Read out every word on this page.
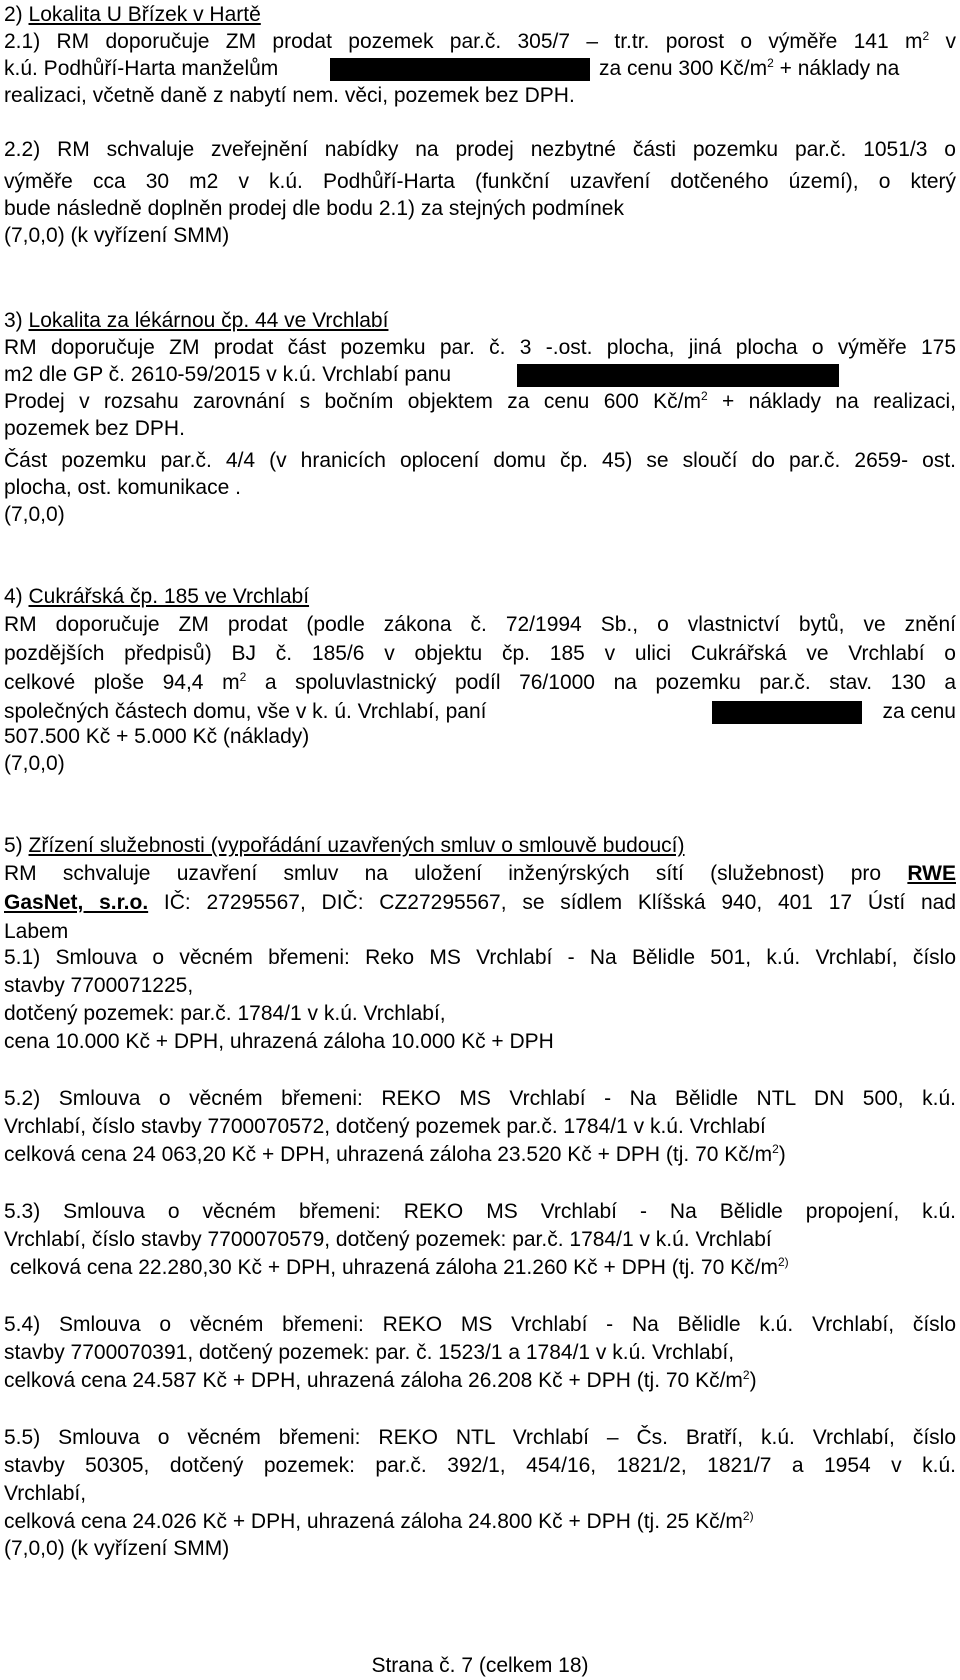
2) Lokalita U Břízek v Hartě
2.1) RM doporučuje ZM prodat pozemek par.č. 305/7 – tr.tr. porost o výměře 141 $m^2$ v
k.ú. Podhůří-Harta manželům	za cenu 300 $Kč/m^2$ + náklady na
realizaci, včetně daně z nabytí nem. věci, pozemek bez DPH.
2.2) RM schvaluje zveřejnění nabídky na prodej nezbytné části pozemku par.č. 1051/3 o
výměře cca 30 m2 v k.ú. Podhůří-Harta (funkční uzavření dotčeného území), o který
bude následně doplněn prodej dle bodu 2.1) za stejných podmínek
(7,0,0) (k vyřízení SMM)
3) Lokalita za lékárnou čp. 44 ve Vrchlabí
RM doporučuje ZM prodat část pozemku par. č. 3 -.ost. plocha, jiná plocha o výměře 175
m2 dle GP č. 2610-59/2015 v k.ú. Vrchlabí panu
Prodej v rozsahu zarovnání s bočním objektem za cenu 600 $Kč/m^2$ + náklady na realizaci,
pozemek bez DPH.
Část pozemku par.č. 4/4 (v hranicích oplocení domu čp. 45) se sloučí do par.č. 2659- ost.
plocha, ost. komunikace .
(7,0,0)
4) Cukrářská čp. 185 ve Vrchlabí
RM doporučuje ZM prodat (podle zákona č. 72/1994 Sb., o vlastnictví bytů, ve znění
pozdějších předpisů) BJ č. 185/6 v objektu čp. 185 v ulici Cukrářská ve Vrchlabí o
celkové ploše 94,4 $m^2$ a spoluvlastnický podíl 76/1000 na pozemku par.č. stav. 130 a
společných částech domu, vše v k. ú. Vrchlabí, paní	za cenu
507.500 Kč + 5.000 Kč (náklady)
(7,0,0)
5) Zřízení služebnosti (vypořádání uzavřených smluv o smlouvě budoucí)
RM schvaluje uzavření smluv na uložení inženýrských sítí (služebnost) pro RWE
GasNet, s.r.o. IČ: 27295567, DIČ: CZ27295567, se sídlem Klíšská 940, 401 17 Ústí nad
Labem
5.1) Smlouva o věcném břemeni: Reko MS Vrchlabí - Na Bělidle 501, k.ú. Vrchlabí, číslo
stavby 7700071225,
dotčený pozemek: par.č. 1784/1 v k.ú. Vrchlabí,
cena 10.000 Kč + DPH, uhrazená záloha 10.000 Kč + DPH
5.2) Smlouva o věcném břemeni: REKO MS Vrchlabí - Na Bělidle NTL DN 500, k.ú.
Vrchlabí, číslo stavby 7700070572, dotčený pozemek par.č. 1784/1 v k.ú. Vrchlabí
celková cena 24 063,20 Kč + DPH, uhrazená záloha 23.520 Kč + DPH (tj. 70 $Kč/m^2$)
5.3) Smlouva o věcném břemeni: REKO MS Vrchlabí - Na Bělidle propojení, k.ú.
Vrchlabí, číslo stavby 7700070579, dotčený pozemek: par.č. 1784/1 v k.ú. Vrchlabí
celková cena 22.280,30 Kč + DPH, uhrazená záloha 21.260 Kč + DPH (tj. 70 $Kč/m^{2)}$
5.4) Smlouva o věcném břemeni: REKO MS Vrchlabí - Na Bělidle k.ú. Vrchlabí, číslo
stavby 7700070391, dotčený pozemek: par. č. 1523/1 a 1784/1 v k.ú. Vrchlabí,
celková cena 24.587 Kč + DPH, uhrazená záloha 26.208 Kč + DPH (tj. 70 $Kč/m^2$)
5.5) Smlouva o věcném břemeni: REKO NTL Vrchlabí – Čs. Bratří, k.ú. Vrchlabí, číslo
stavby 50305, dotčený pozemek: par.č. 392/1, 454/16, 1821/2, 1821/7 a 1954 v k.ú.
Vrchlabí,
celková cena 24.026 Kč + DPH, uhrazená záloha 24.800 Kč + DPH (tj. 25 $Kč/m^{2)}$
(7,0,0) (k vyřízení SMM)
Strana č. 7 (celkem 18)
